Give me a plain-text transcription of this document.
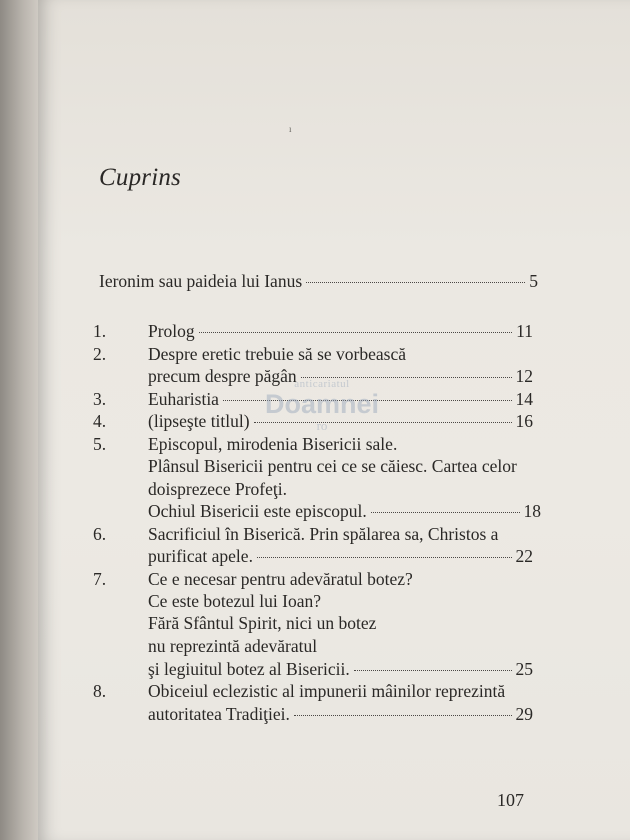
ı
Cuprins
Ieronim sau paideia lui Ianus	5
1.	Prolog	11
2.	Despre eretic trebuie să se vorbească
precum despre păgân	12
3.	Euharistia	14
4.	(lipseşte titlul)	16
5.	Episcopul, mirodenia Bisericii sale.
Plânsul Bisericii pentru cei ce se căiesc. Cartea celor
doisprezece Profeţi.
Ochiul Bisericii este episcopul.	18
6.	Sacrificiul în Biserică. Prin spălarea sa, Christos a
purificat apele.	22
7.	Ce e necesar pentru adevăratul botez?
Ce este botezul lui Ioan?
Fără Sfântul Spirit, nici un botez
nu reprezintă adevăratul
şi legiuitul botez al Bisericii.	25
8.	Obiceiul eclezistic al impunerii mâinilor reprezintă
autoritatea Tradiţiei.	29
anticariatul
Doamnei
ro
107
